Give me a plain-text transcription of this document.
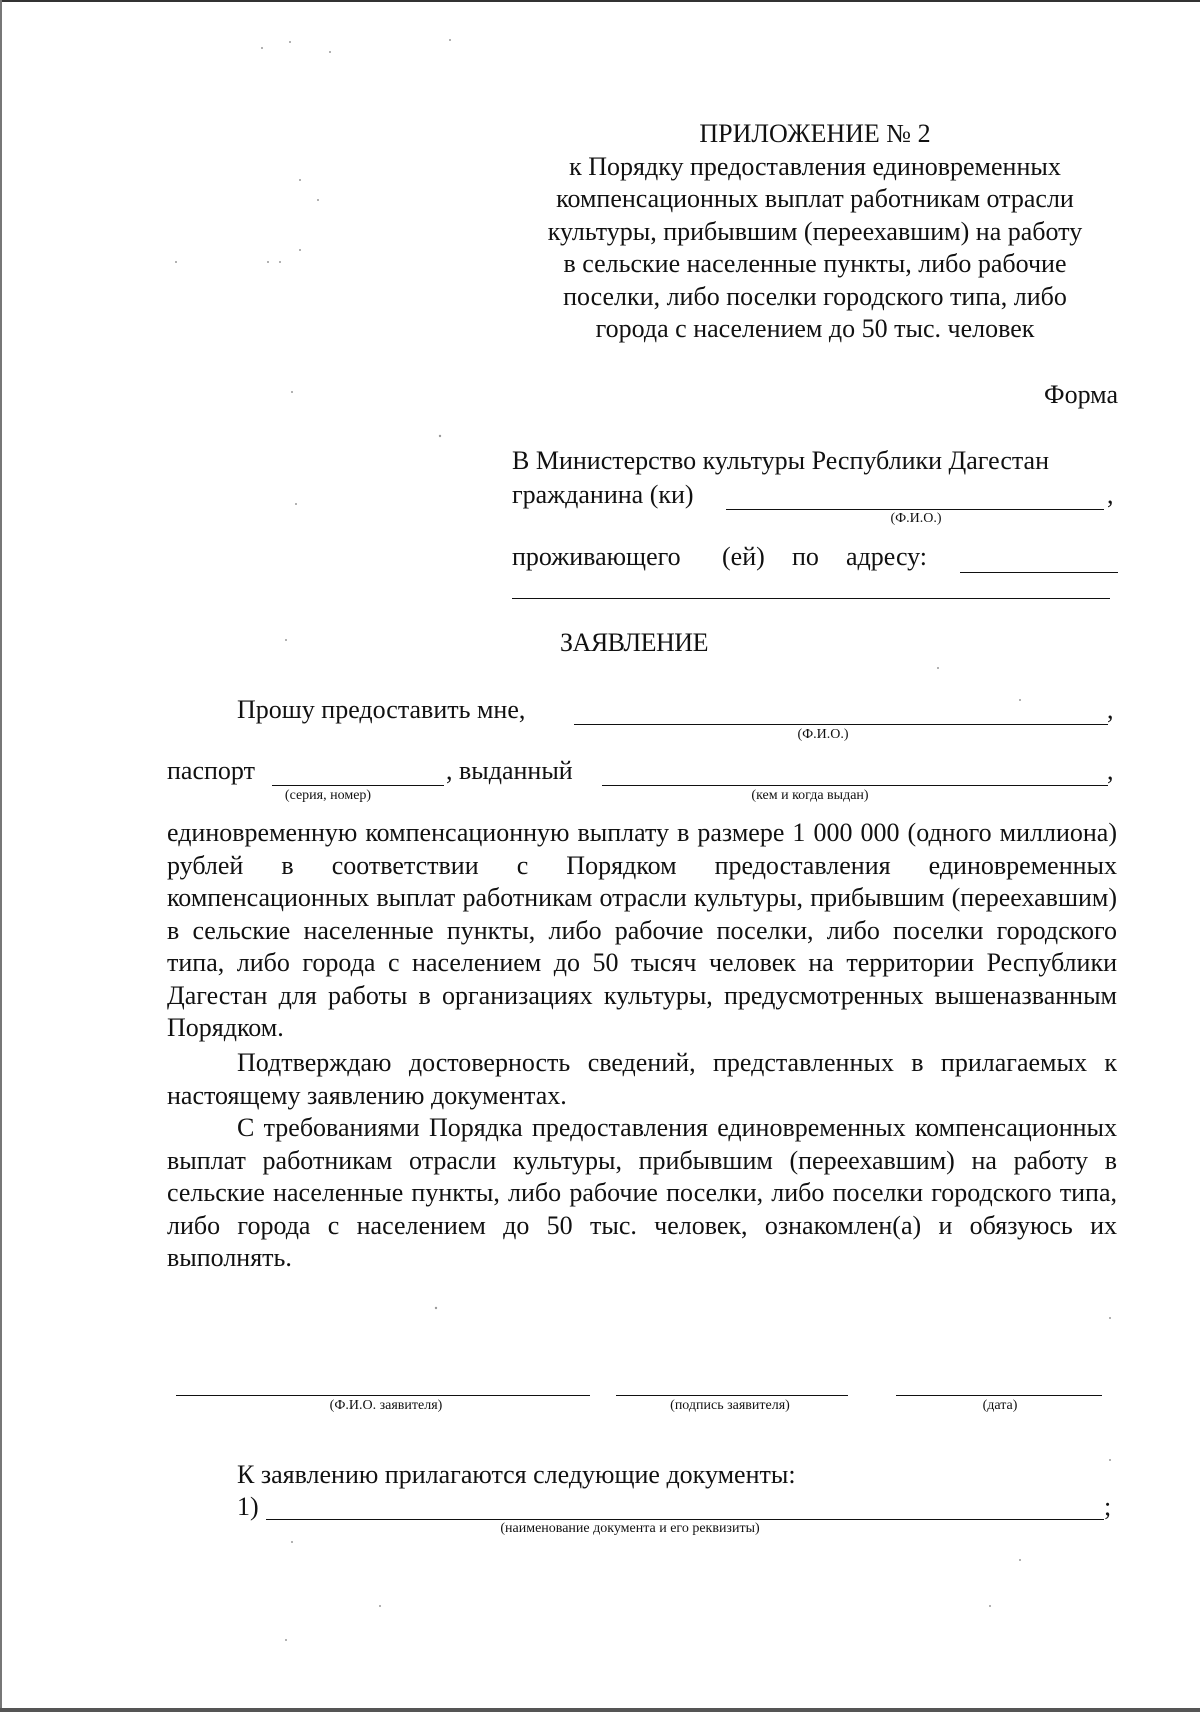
ПРИЛОЖЕНИЕ № 2
к Порядку предоставления единовременных
компенсационных выплат работникам отрасли
культуры, прибывшим (переехавшим) на работу
в сельские населенные пункты, либо рабочие
поселки, либо поселки городского типа, либо
города с населением до 50 тыс. человек
Форма
В Министерство культуры Республики Дагестан
гражданина (ки)	,
(Ф.И.О.)
проживающего (ей) по адресу:
ЗАЯВЛЕНИЕ
Прошу предоставить мне,	,
(Ф.И.О.)
паспорт
(серия, номер)
, выданный	,
(кем и когда выдан)
единовременную компенсационную выплату в размере 1 000 000 (одного миллиона) рублей в соответствии с Порядком предоставления единовременных компенсационных выплат работникам отрасли культуры, прибывшим (переехавшим) в сельские населенные пункты, либо рабочие поселки, либо поселки городского типа, либо города с населением до 50 тысяч человек на территории Республики Дагестан для работы в организациях культуры, предусмотренных вышеназванным Порядком.
Подтверждаю достоверность сведений, представленных в прилагаемых к настоящему заявлению документах.
С требованиями Порядка предоставления единовременных компенсационных выплат работникам отрасли культуры, прибывшим (переехавшим) на работу в сельские населенные пункты, либо рабочие поселки, либо поселки городского типа, либо города с населением до 50 тыс. человек, ознакомлен(а) и обязуюсь их выполнять.
(Ф.И.О. заявителя)	(подпись заявителя)	(дата)
К заявлению прилагаются следующие документы:
1)	;
(наименование документа и его реквизиты)
